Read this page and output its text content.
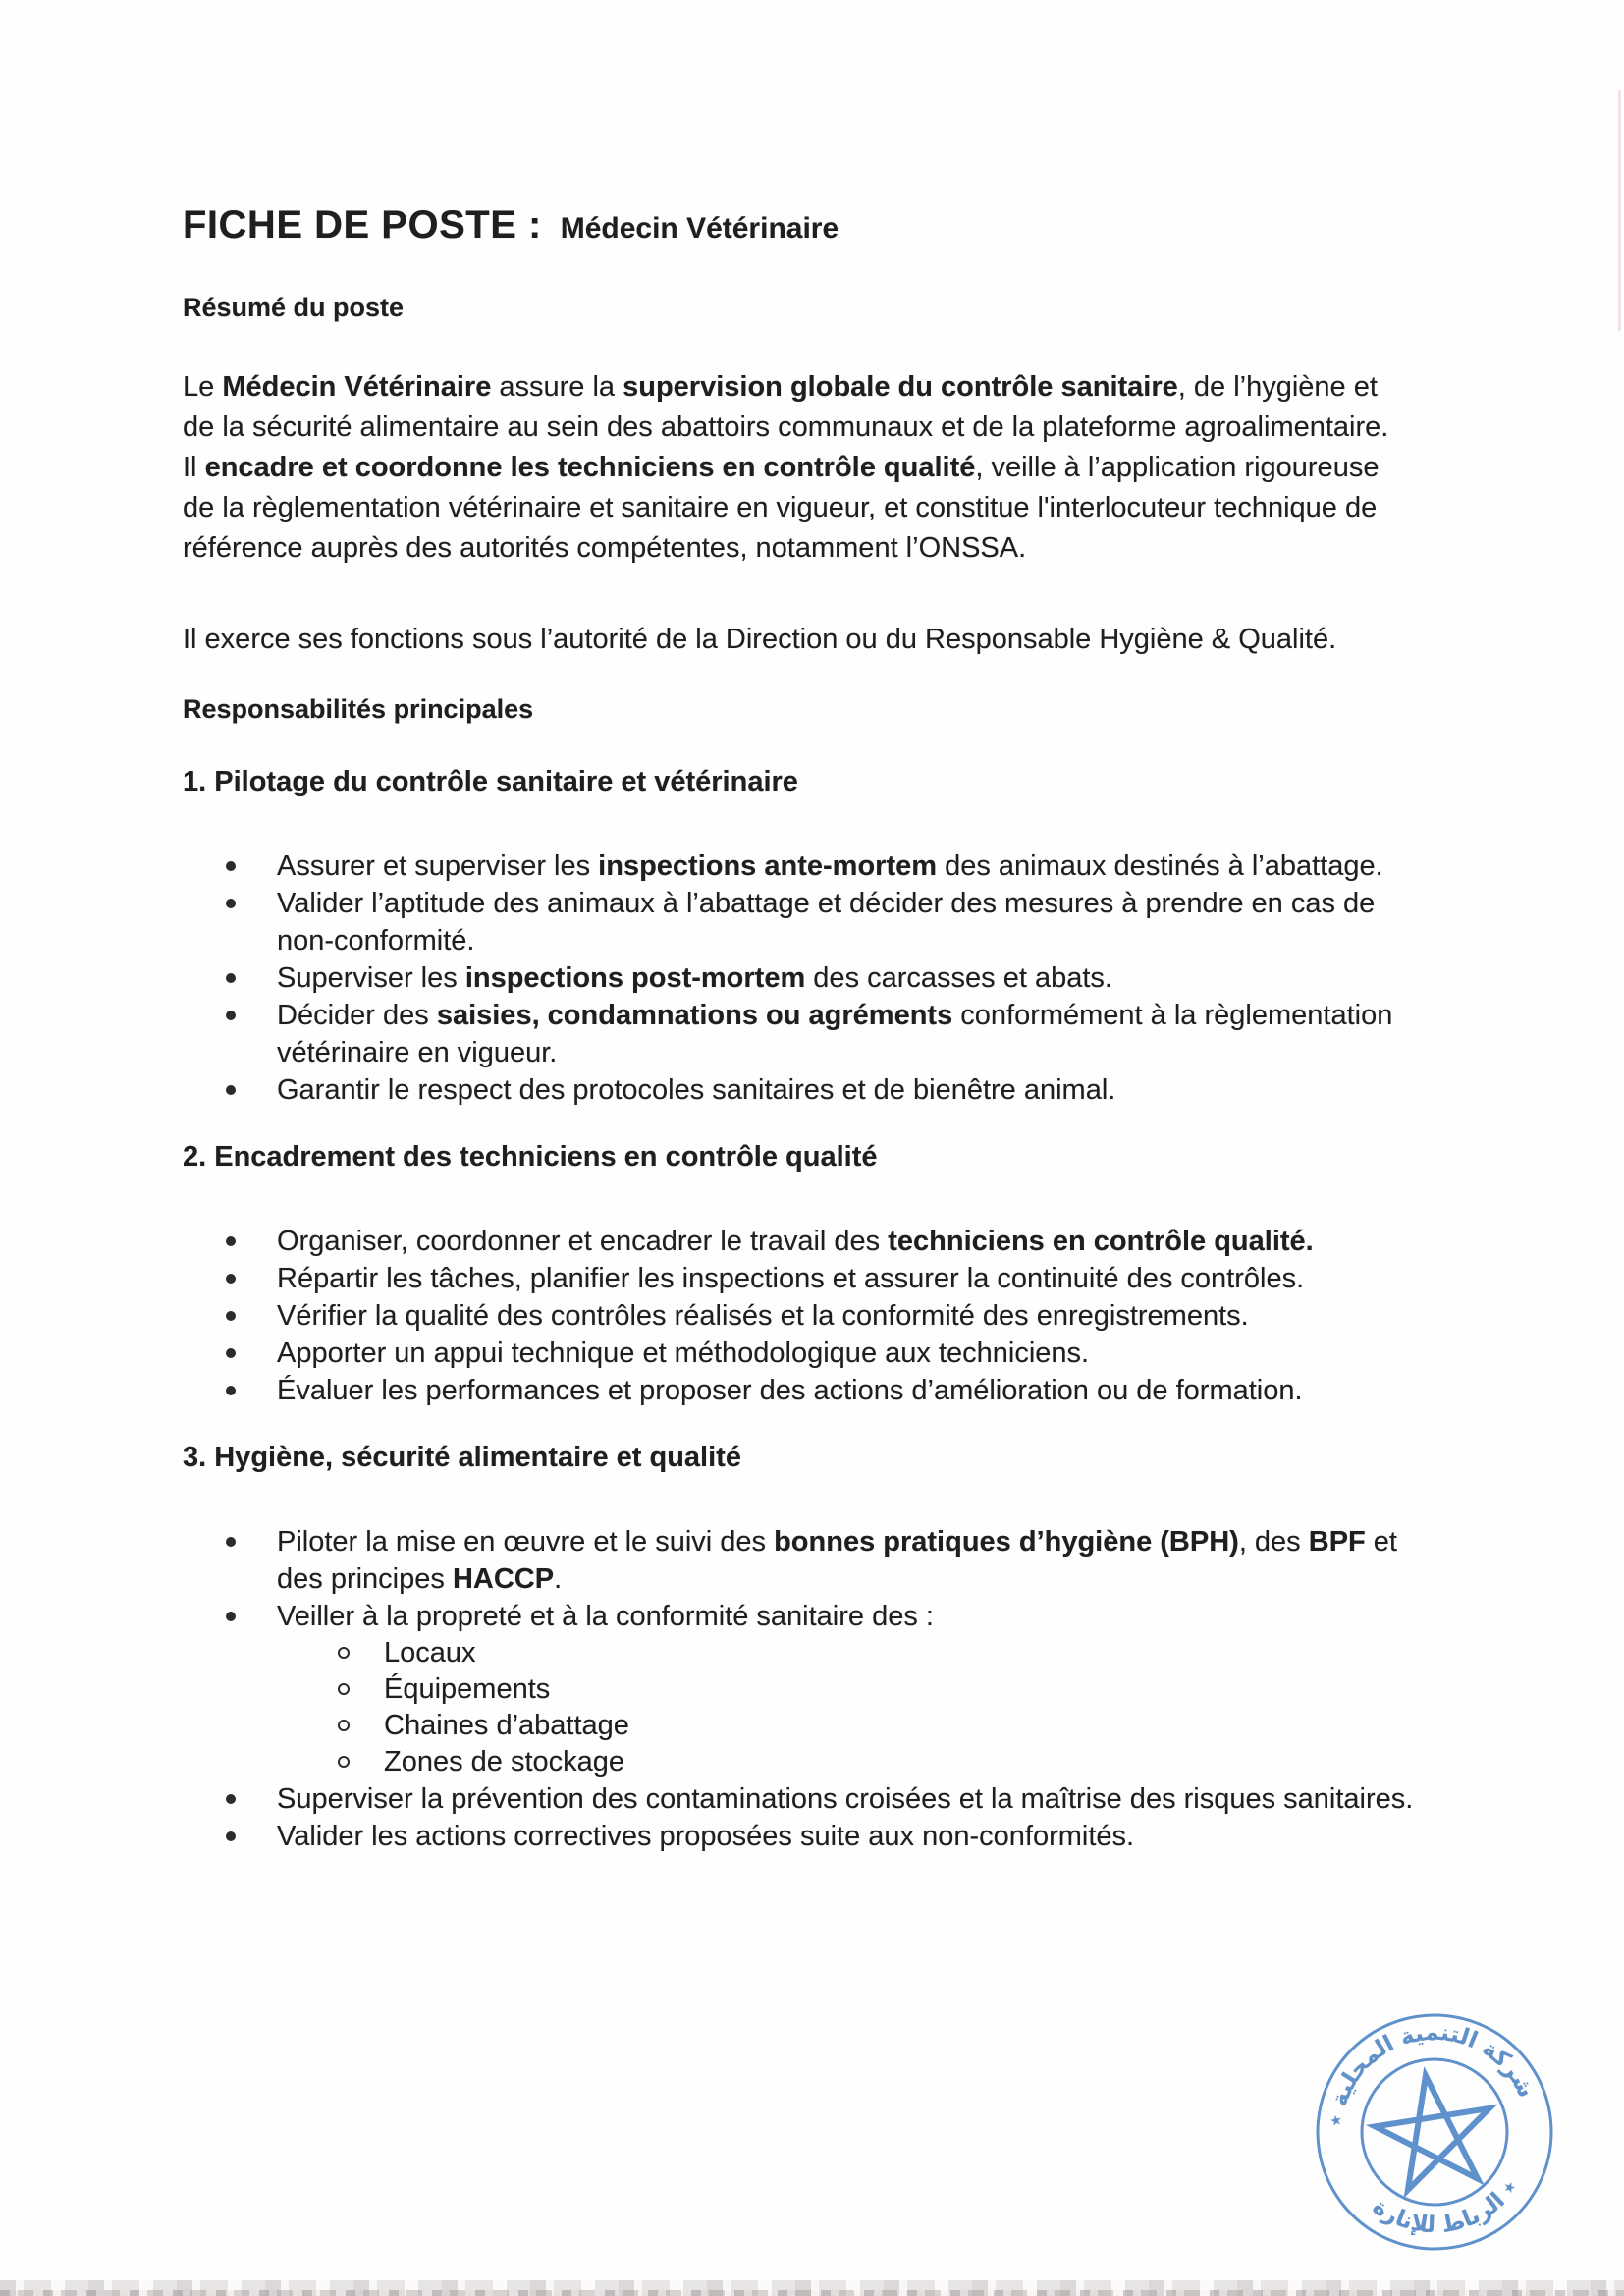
FICHE DE POSTE : Médecin Vétérinaire
Résumé du poste

Le Médecin Vétérinaire assure la supervision globale du contrôle sanitaire, de l’hygiène et de la sécurité alimentaire au sein des abattoirs communaux et de la plateforme agroalimentaire.

Il encadre et coordonne les techniciens en contrôle qualité, veille à l’application rigoureuse de la règlementation vétérinaire et sanitaire en vigueur, et constitue l'interlocuteur technique de référence auprès des autorités compétentes, notamment l’ONSSA.

Il exerce ses fonctions sous l’autorité de la Direction ou du Responsable Hygiène & Qualité.

Responsabilités principales
1. Pilotage du contrôle sanitaire et vétérinaire
Assurer et superviser les inspections ante-mortem des animaux destinés à l’abattage.
Valider l’aptitude des animaux à l’abattage et décider des mesures à prendre en cas de non-conformité.
Superviser les inspections post-mortem des carcasses et abats.
Décider des saisies, condamnations ou agréments conformément à la règlementation vétérinaire en vigueur.
Garantir le respect des protocoles sanitaires et de bienêtre animal.
2. Encadrement des techniciens en contrôle qualité
Organiser, coordonner et encadrer le travail des techniciens en contrôle qualité.
Répartir les tâches, planifier les inspections et assurer la continuité des contrôles.
Vérifier la qualité des contrôles réalisés et la conformité des enregistrements.
Apporter un appui technique et méthodologique aux techniciens.
Évaluer les performances et proposer des actions d’amélioration ou de formation.
3. Hygiène, sécurité alimentaire et qualité
Piloter la mise en œuvre et le suivi des bonnes pratiques d’hygiène (BPH), des BPF et des principes HACCP.
Veiller à la propreté et à la conformité sanitaire des :
Locaux
Équipements
Chaines d’abattage
Zones de stockage
Superviser la prévention des contaminations croisées et la maîtrise des risques sanitaires.
Valider les actions correctives proposées suite aux non-conformités.
شركة التنمية المحلية ٭
٭ الرباط للإنارة
